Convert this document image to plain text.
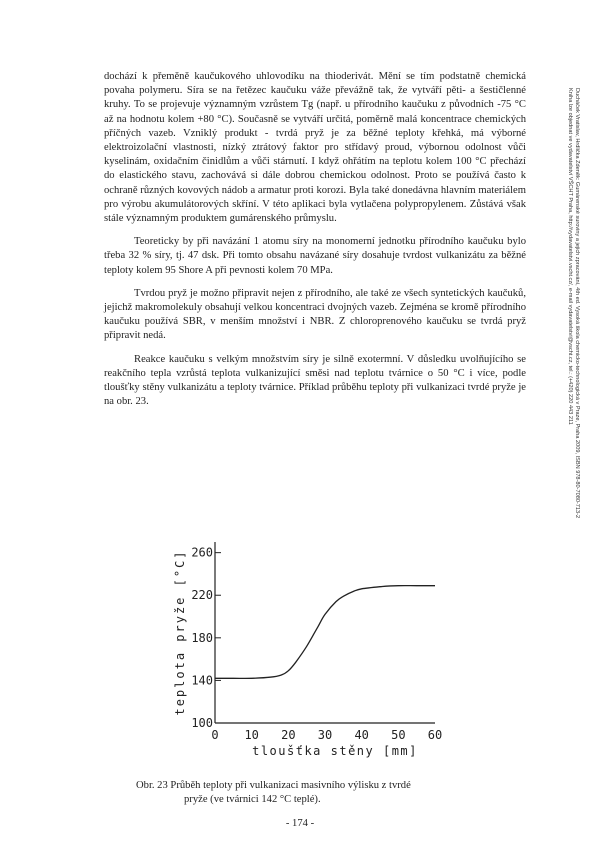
dochází k přeměně kaučukového uhlovodíku na thioderivát. Mění se tím podstatně chemická povaha polymeru. Síra se na řetězec kaučuku váže převážně tak, že vytváří pěti- a šestičlenné kruhy. To se projevuje významným vzrůstem Tg (např. u přírodního kaučuku z původních -75 °C až na hodnotu kolem +80 °C). Současně se vytváří určitá, poměrně malá koncentrace chemických příčných vazeb. Vzniklý produkt - tvrdá pryž je za běžné teploty křehká, má výborné elektroizolační vlastnosti, nízký ztrátový faktor pro střídavý proud, výbornou odolnost vůči kyselinám, oxidačním činidlům a vůči stárnutí. I když ohřátím na teplotu kolem 100 °C přechází do elastického stavu, zachovává si dále dobrou chemickou odolnost. Proto se používá často k ochraně různých kovových nádob a armatur proti korozi. Byla také donedávna hlavním materiálem pro výrobu akumulátorových skříní. V této aplikaci byla vytlačena polypropylenem. Zůstává však stále významným produktem gumárenského průmyslu.

Teoreticky by při navázání 1 atomu síry na monomerní jednotku přírodního kaučuku bylo třeba 32 % síry, tj. 47 dsk. Při tomto obsahu navázané síry dosahuje tvrdost vulkanizátu za běžné teploty kolem 95 Shore A při pevnosti kolem 70 MPa.

Tvrdou pryž je možno připravit nejen z přírodního, ale také ze všech syntetických kaučuků, jejichž makromolekuly obsahují velkou koncentraci dvojných vazeb. Zejména se kromě přírodního kaučuku používá SBR, v menším množství i NBR. Z chloroprenového kaučuku se tvrdá pryž připravit nedá.

Reakce kaučuku s velkým množstvím síry je silně exotermní. V důsledku uvolňujícího se reakčního tepla vzrůstá teplota vulkanizující směsi nad teplotu tvárnice o 50 °C i více, podle tloušťky stěny vulkanizátu a teploty tvárnice. Příklad průběhu teploty při vulkanizaci tvrdé pryže je na obr. 23.	Ducháček Vratislav, Hrdlička Zdeněk: Gumárenské suroviny a jejich zpracování, 4th ed. Vysoká škola chemicko-technologická v Praze, Praha 2009, ISBN 978-80-7080-713-2
Kniha lze objednat ve vydavatelství VŠCHT Praha, http://vydavatelstvi.vscht.cz/, e-mail vydavatelstvi@vscht.cz, tel.: (+420) 220 443 211
100
140
180
220
260
0 10 20 30 40 50 60
teplota pryže [°C]
tloušťka stěny [mm]
Obr. 23 Průběh teploty při vulkanizaci masivního výlisku z tvrdé
pryže (ve tvárnici 142 °C teplé).
- 174 -
